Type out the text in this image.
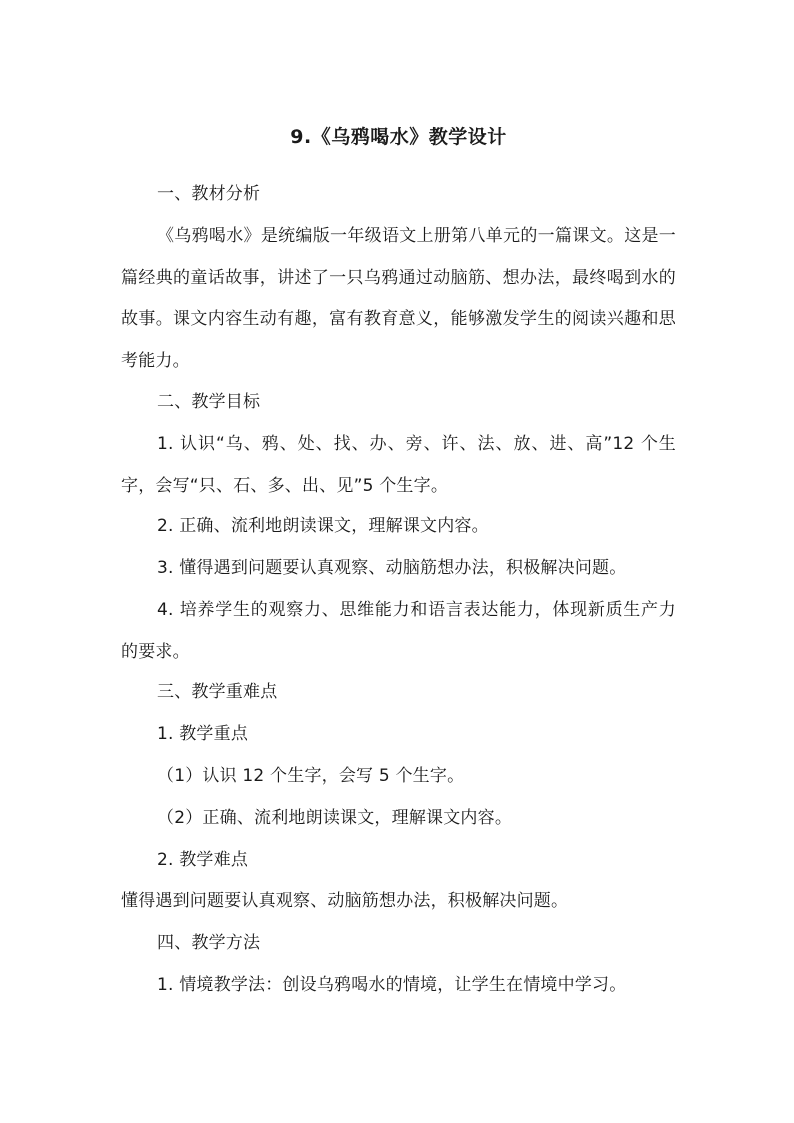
9.《乌鸦喝水》教学设计
一、教材分析
《乌鸦喝水》是统编版一年级语文上册第八单元的一篇课文。这是一篇经典的童话故事，讲述了一只乌鸦通过动脑筋、想办法，最终喝到水的故事。课文内容生动有趣，富有教育意义，能够激发学生的阅读兴趣和思考能力。
二、教学目标
1. 认识“乌、鸦、处、找、办、旁、许、法、放、进、高”12 个生字，会写“只、石、多、出、见”5 个生字。
2. 正确、流利地朗读课文，理解课文内容。
3. 懂得遇到问题要认真观察、动脑筋想办法，积极解决问题。
4. 培养学生的观察力、思维能力和语言表达能力，体现新质生产力的要求。
三、教学重难点
1. 教学重点
（1）认识 12 个生字，会写 5 个生字。
（2）正确、流利地朗读课文，理解课文内容。
2. 教学难点
懂得遇到问题要认真观察、动脑筋想办法，积极解决问题。
四、教学方法
1. 情境教学法：创设乌鸦喝水的情境，让学生在情境中学习。
